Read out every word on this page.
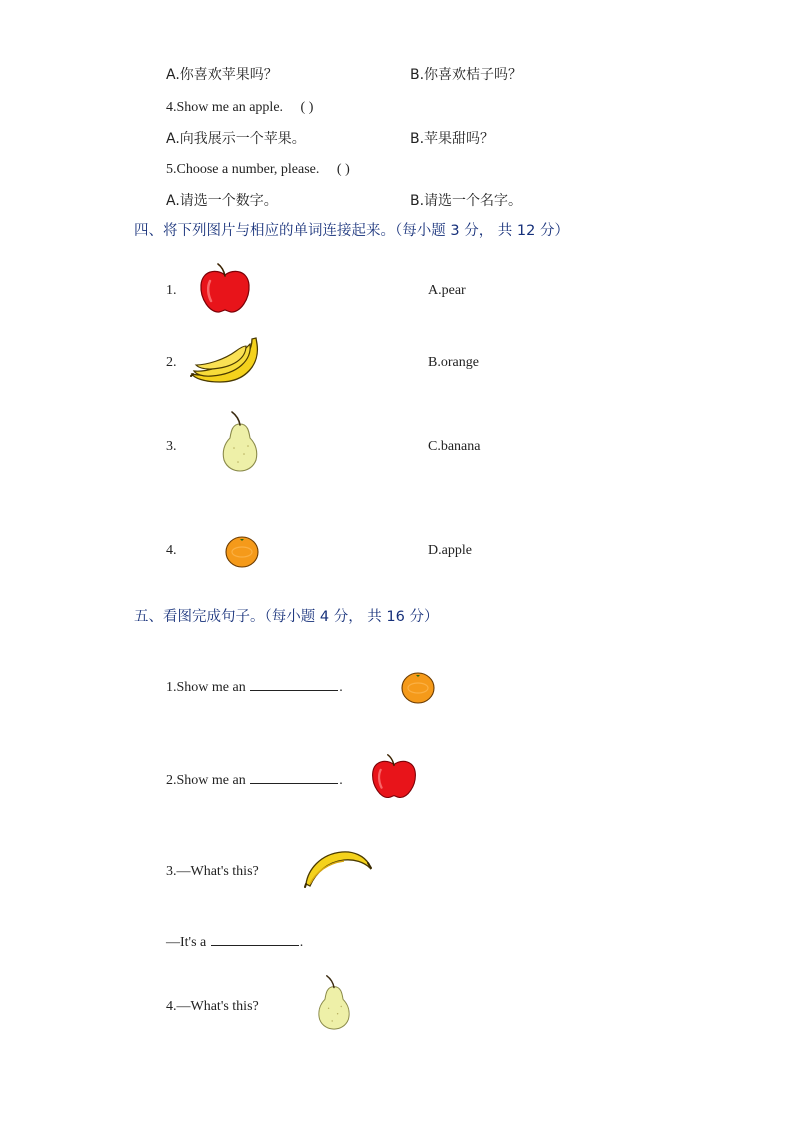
A.你喜欢苹果吗？	B.你喜欢桔子吗？
4.Show me an apple. ( )
A.向我展示一个苹果。	B.苹果甜吗？
5.Choose a number, please. ( )
A.请选一个数字。	B.请选一个名字。
四、将下列图片与相应的单词连接起来。（每小题 3 分， 共 12 分）
1.	A.pear
2.	B.orange
3.	C.banana
4.	D.apple
五、看图完成句子。（每小题 4 分， 共 16 分）
1.Show me an	.
2.Show me an	.
3.—What's this?
—It's a	.
4.—What's this?
